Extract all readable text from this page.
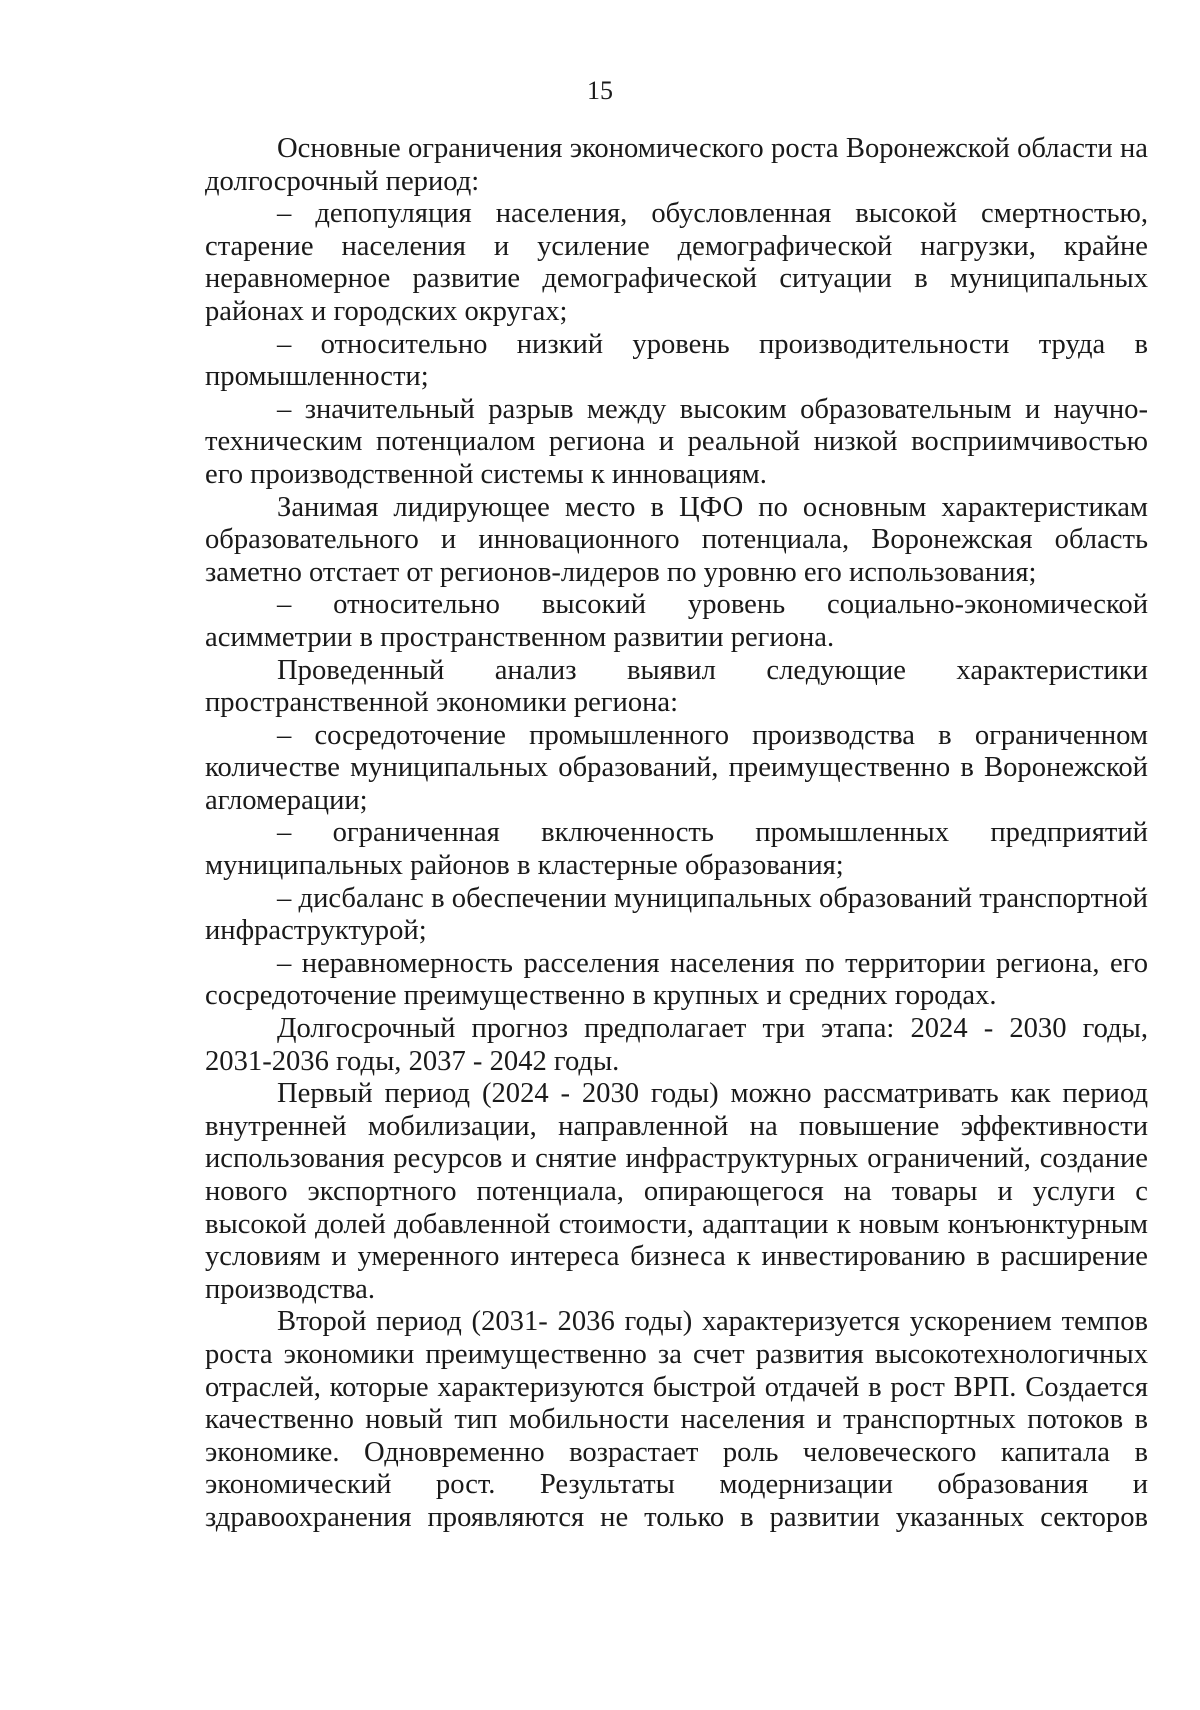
15

Основные ограничения экономического роста Воронежской области на долгосрочный период:

– депопуляция населения, обусловленная высокой смертностью, старение населения и усиление демографической нагрузки, крайне неравномерное развитие демографической ситуации в муниципальных районах и городских округах;

– относительно низкий уровень производительности труда в промышленности;

– значительный разрыв между высоким образовательным и научно-техническим потенциалом региона и реальной низкой восприимчивостью его производственной системы к инновациям.

Занимая лидирующее место в ЦФО по основным характеристикам образовательного и инновационного потенциала, Воронежская область заметно отстает от регионов-лидеров по уровню его использования;

– относительно высокий уровень социально-экономической асимметрии в пространственном развитии региона.

Проведенный анализ выявил следующие характеристики пространственной экономики региона:

– сосредоточение промышленного производства в ограниченном количестве муниципальных образований, преимущественно в Воронежской агломерации;

– ограниченная включенность промышленных предприятий муниципальных районов в кластерные образования;

– дисбаланс в обеспечении муниципальных образований транспортной инфраструктурой;

– неравномерность расселения населения по территории региона, его сосредоточение преимущественно в крупных и средних городах.

Долгосрочный прогноз предполагает три этапа: 2024 - 2030 годы, 2031-2036 годы, 2037 - 2042 годы.

Первый период (2024 - 2030 годы) можно рассматривать как период внутренней мобилизации, направленной на повышение эффективности использования ресурсов и снятие инфраструктурных ограничений, создание нового экспортного потенциала, опирающегося на товары и услуги с высокой долей добавленной стоимости, адаптации к новым конъюнктурным условиям и умеренного интереса бизнеса к инвестированию в расширение производства.

Второй период (2031- 2036 годы) характеризуется ускорением темпов роста экономики преимущественно за счет развития высокотехнологичных отраслей, которые характеризуются быстрой отдачей в рост ВРП. Создается качественно новый тип мобильности населения и транспортных потоков в экономике. Одновременно возрастает роль человеческого капитала в экономический рост. Результаты модернизации образования и здравоохранения проявляются не только в развитии указанных секторов
